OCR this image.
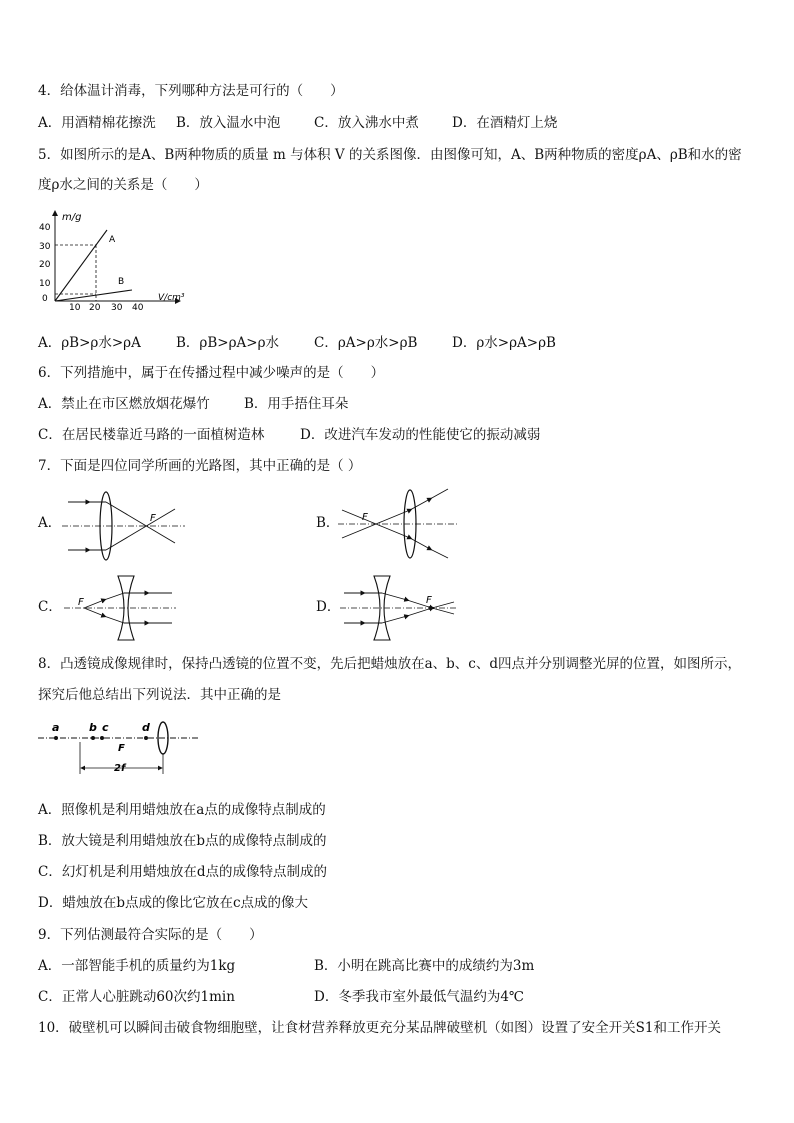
4．给体温计消毒，下列哪种方法是可行的（　　）
A．用酒精棉花擦洗 B．放入温水中泡 C．放入沸水中煮 D．在酒精灯上烧
5．如图所示的是A、B两种物质的质量 m 与体积 V 的关系图像．由图像可知，A、B两种物质的密度ρA、ρB和水的密
度ρ水之间的关系是（　　）
m/g
V/cm³
40
30
20
10
0
10 20 30 40
A
B
A．ρB>ρ水>ρA	B．ρB>ρA>ρ水	C．ρA>ρ水>ρB	D．ρ水>ρA>ρB
6．下列措施中，属于在传播过程中减少噪声的是（　　）
A．禁止在市区燃放烟花爆竹	B．用手捂住耳朵
C．在居民楼靠近马路的一面植树造林	D．改进汽车发动的性能使它的振动减弱
7．下面是四位同学所画的光路图，其中正确的是（ ）
A．	F	B． F
C． F	D．	F
8．凸透镜成像规律时，保持凸透镜的位置不变，先后把蜡烛放在a、b、c、d四点并分别调整光屏的位置，如图所示，
探究后他总结出下列说法．其中正确的是
a	b c	d
F
2f
A．照像机是利用蜡烛放在a点的成像特点制成的
B．放大镜是利用蜡烛放在b点的成像特点制成的
C．幻灯机是利用蜡烛放在d点的成像特点制成的
D．蜡烛放在b点成的像比它放在c点成的像大
9．下列估测最符合实际的是（　　）
A．一部智能手机的质量约为1kg	B．小明在跳高比赛中的成绩约为3m
C．正常人心脏跳动60次约1min	D．冬季我市室外最低气温约为4℃
10．破壁机可以瞬间击破食物细胞壁，让食材营养释放更充分某品牌破壁机（如图）设置了安全开关S1和工作开关
